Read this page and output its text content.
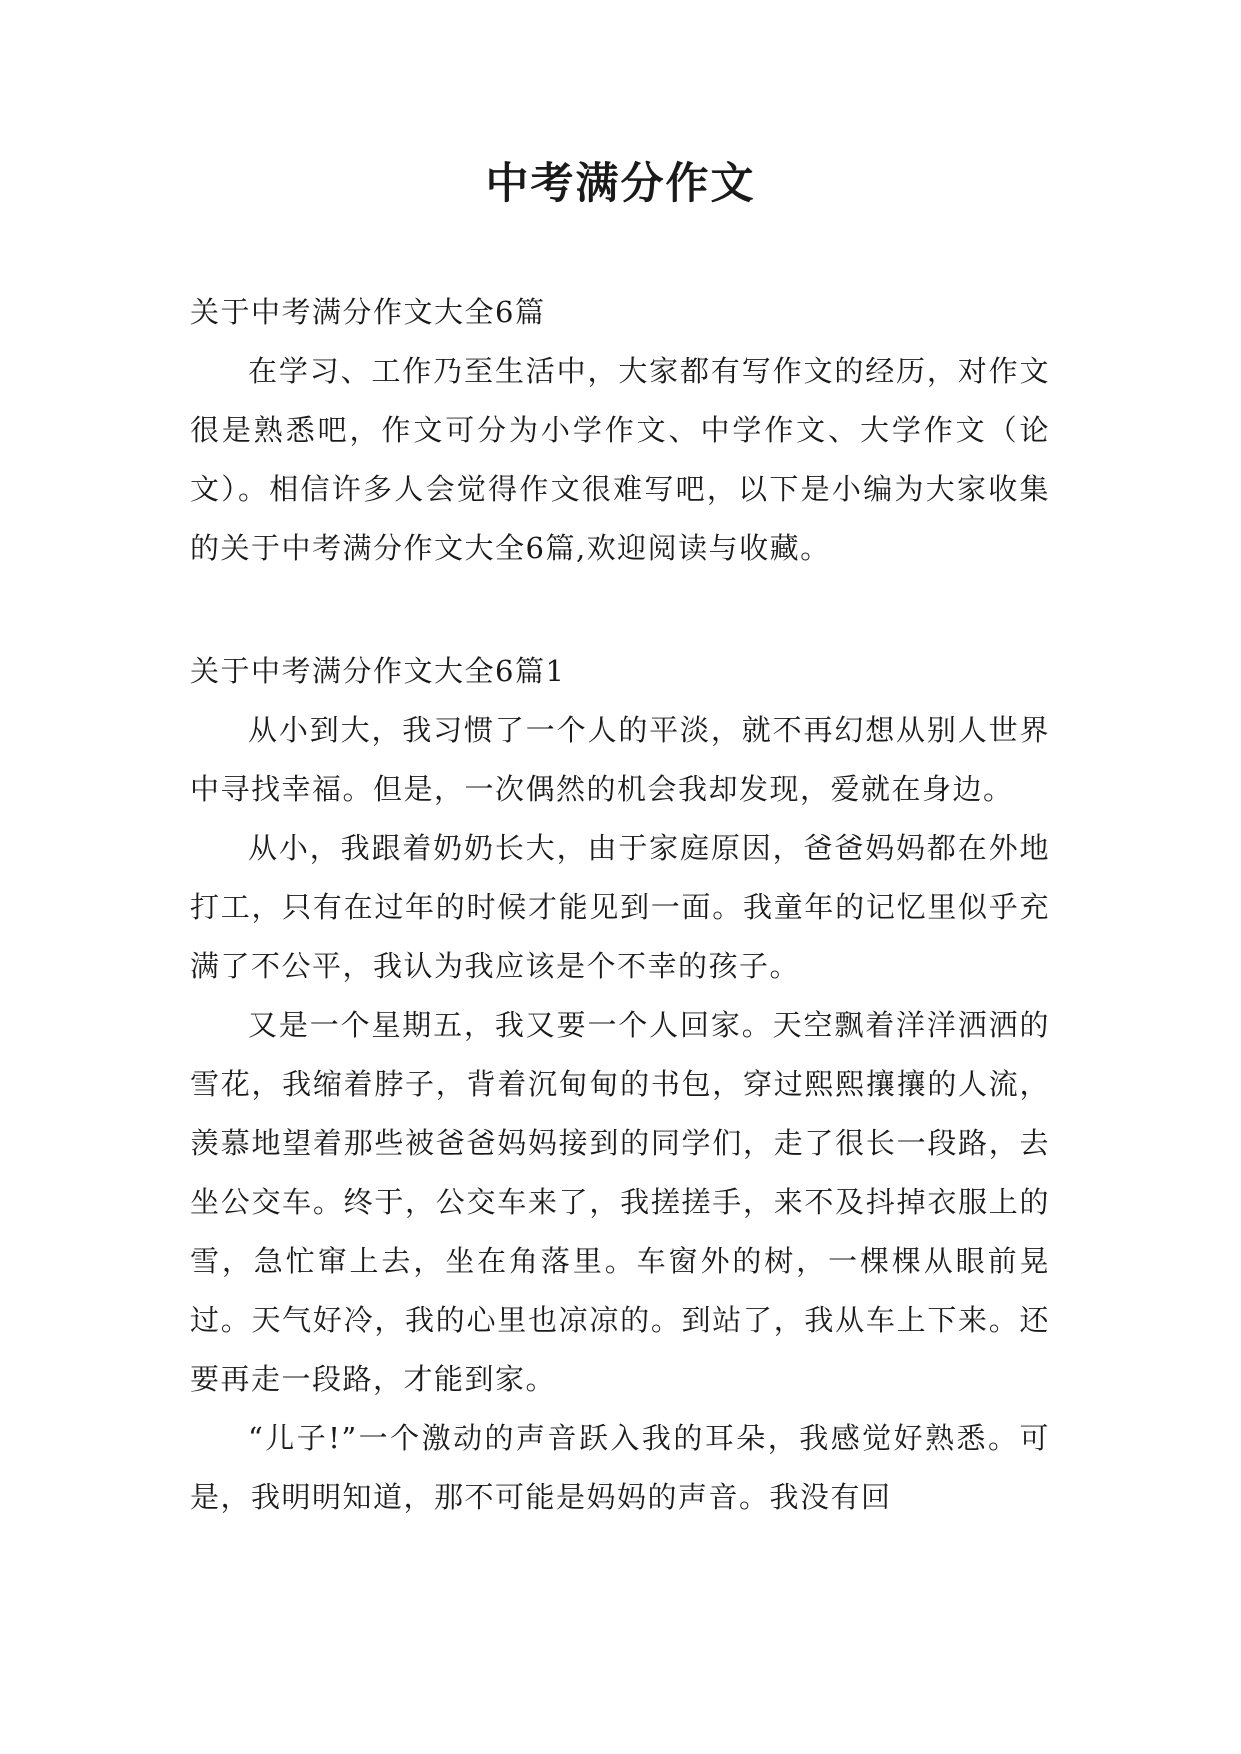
中考满分作文
关于中考满分作文大全6篇

在学习、工作乃至生活中，大家都有写作文的经历，对作文很是熟悉吧，作文可分为小学作文、中学作文、大学作文（论文）。相信许多人会觉得作文很难写吧，以下是小编为大家收集的关于中考满分作文大全6篇,欢迎阅读与收藏。

关于中考满分作文大全6篇1

从小到大，我习惯了一个人的平淡，就不再幻想从别人世界中寻找幸福。但是，一次偶然的机会我却发现，爱就在身边。

从小，我跟着奶奶长大，由于家庭原因，爸爸妈妈都在外地打工，只有在过年的时候才能见到一面。我童年的记忆里似乎充满了不公平，我认为我应该是个不幸的孩子。

又是一个星期五，我又要一个人回家。天空飘着洋洋洒洒的雪花，我缩着脖子，背着沉甸甸的书包，穿过熙熙攘攘的人流，羡慕地望着那些被爸爸妈妈接到的同学们，走了很长一段路，去坐公交车。终于，公交车来了，我搓搓手，来不及抖掉衣服上的雪，急忙窜上去，坐在角落里。车窗外的树，一棵棵从眼前晃过。天气好冷，我的心里也凉凉的。到站了，我从车上下来。还要再走一段路，才能到家。

“儿子!”一个激动的声音跃入我的耳朵，我感觉好熟悉。可是，我明明知道，那不可能是妈妈的声音。我没有回
